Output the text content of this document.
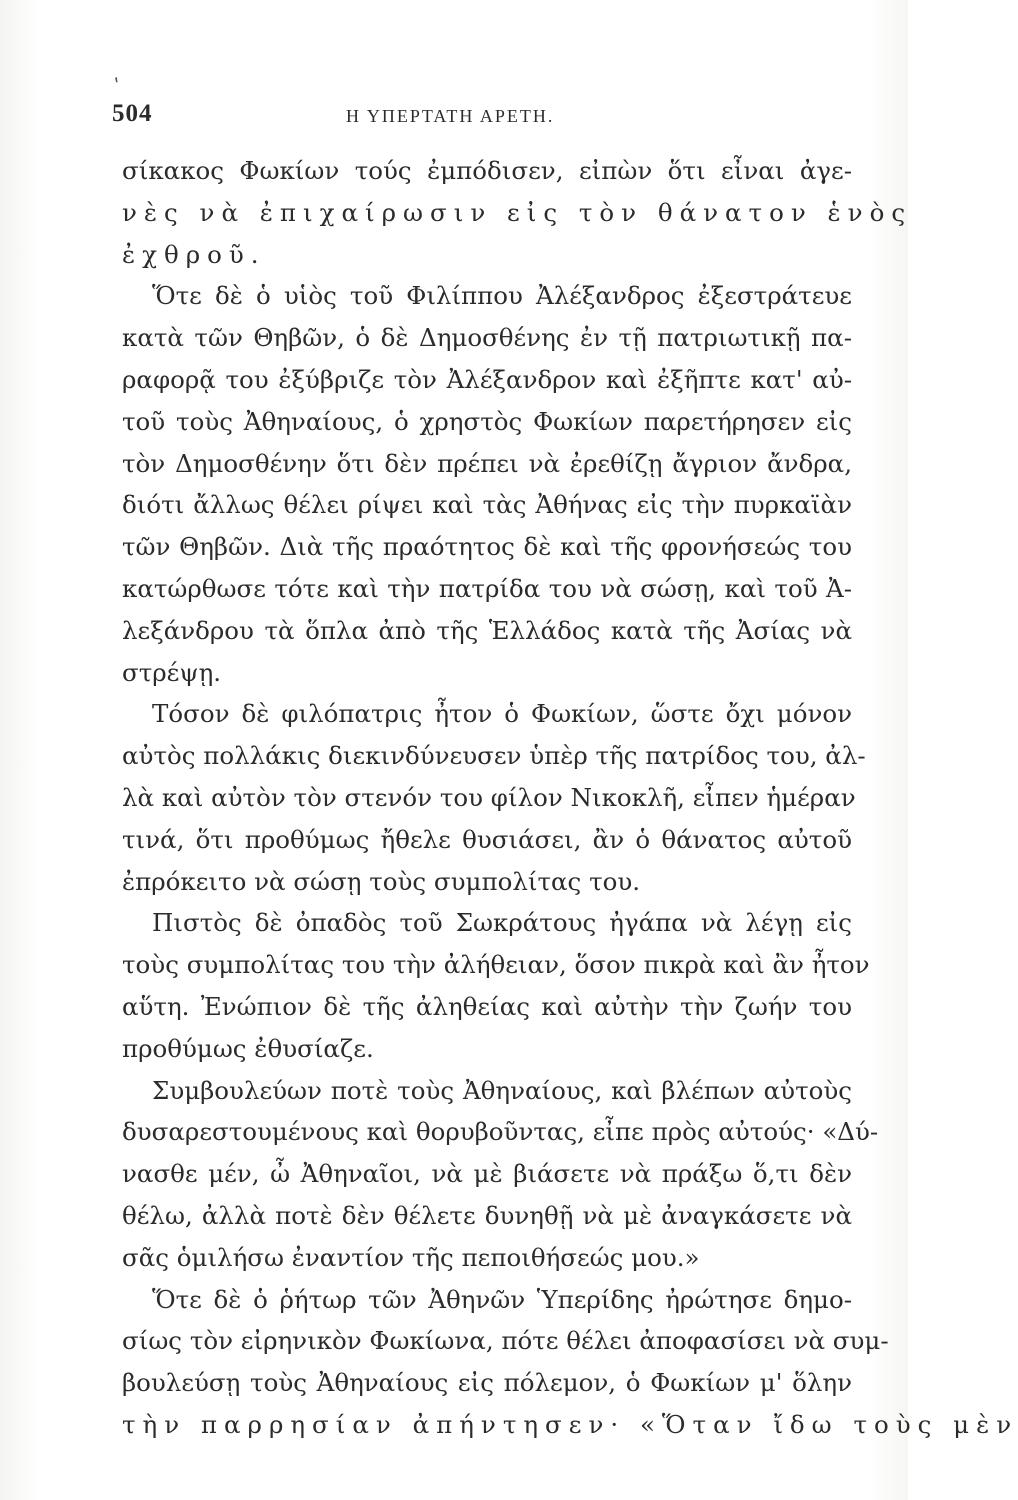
ʹ
504	Η ΥΠΕΡΤΑΤΗ ΑΡΕΤΗ.
σίκακος Φωκίων τούς ἐμπόδισεν, εἰπὼν ὅτι εἶναι ἀγε-
νὲς νὰ ἐπιχαίρωσιν εἰς τὸν θάνατον ἑνὸς
ἐχθροῦ.
Ὅτε δὲ ὁ υἱὸς τοῦ Φιλίππου Ἀλέξανδρος ἐξεστράτευε
κατὰ τῶν Θηβῶν, ὁ δὲ Δημοσθένης ἐν τῇ πατριωτικῇ πα-
ραφορᾷ του ἐξύβριζε τὸν Ἀλέξανδρον καὶ ἐξῆπτε κατ' αὐ-
τοῦ τοὺς Ἀθηναίους, ὁ χρηστὸς Φωκίων παρετήρησεν εἰς
τὸν Δημοσθένην ὅτι δὲν πρέπει νὰ ἐρεθίζῃ ἄγριον ἄνδρα,
διότι ἄλλως θέλει ρίψει καὶ τὰς Ἀθήνας εἰς τὴν πυρκαϊὰν
τῶν Θηβῶν. Διὰ τῆς πραότητος δὲ καὶ τῆς φρονήσεώς του
κατώρθωσε τότε καὶ τὴν πατρίδα του νὰ σώσῃ, καὶ τοῦ Ἀ-
λεξάνδρου τὰ ὅπλα ἀπὸ τῆς Ἑλλάδος κατὰ τῆς Ἀσίας νὰ
στρέψῃ.
Τόσον δὲ φιλόπατρις ἦτον ὁ Φωκίων, ὥστε ὄχι μόνον
αὐτὸς πολλάκις διεκινδύνευσεν ὑπὲρ τῆς πατρίδος του, ἀλ-
λὰ καὶ αὐτὸν τὸν στενόν του φίλον Νικοκλῆ, εἶπεν ἡμέραν
τινά, ὅτι προθύμως ἤθελε θυσιάσει, ἂν ὁ θάνατος αὐτοῦ
ἐπρόκειτο νὰ σώσῃ τοὺς συμπολίτας του.
Πιστὸς δὲ ὀπαδὸς τοῦ Σωκράτους ἠγάπα νὰ λέγῃ εἰς
τοὺς συμπολίτας του τὴν ἀλήθειαν, ὅσον πικρὰ καὶ ἂν ἦτον
αὕτη. Ἐνώπιον δὲ τῆς ἀληθείας καὶ αὐτὴν τὴν ζωήν του
προθύμως ἐθυσίαζε.
Συμβουλεύων ποτὲ τοὺς Ἀθηναίους, καὶ βλέπων αὐτοὺς
δυσαρεστουμένους καὶ θορυβοῦντας, εἶπε πρὸς αὐτούς· «Δύ-
νασθε μέν, ὦ Ἀθηναῖοι, νὰ μὲ βιάσετε νὰ πράξω ὅ,τι δὲν
θέλω, ἀλλὰ ποτὲ δὲν θέλετε δυνηθῇ νὰ μὲ ἀναγκάσετε νὰ
σᾶς ὁμιλήσω ἐναντίον τῆς πεποιθήσεώς μου.»
Ὅτε δὲ ὁ ῥήτωρ τῶν Ἀθηνῶν Ὑπερίδης ἠρώτησε δημο-
σίως τὸν εἰρηνικὸν Φωκίωνα, πότε θέλει ἀποφασίσει νὰ συμ-
βουλεύσῃ τοὺς Ἀθηναίους εἰς πόλεμον, ὁ Φωκίων μ' ὅλην
τὴν παρρησίαν ἀπήντησεν· «Ὅταν ἴδω τοὺς μὲν
